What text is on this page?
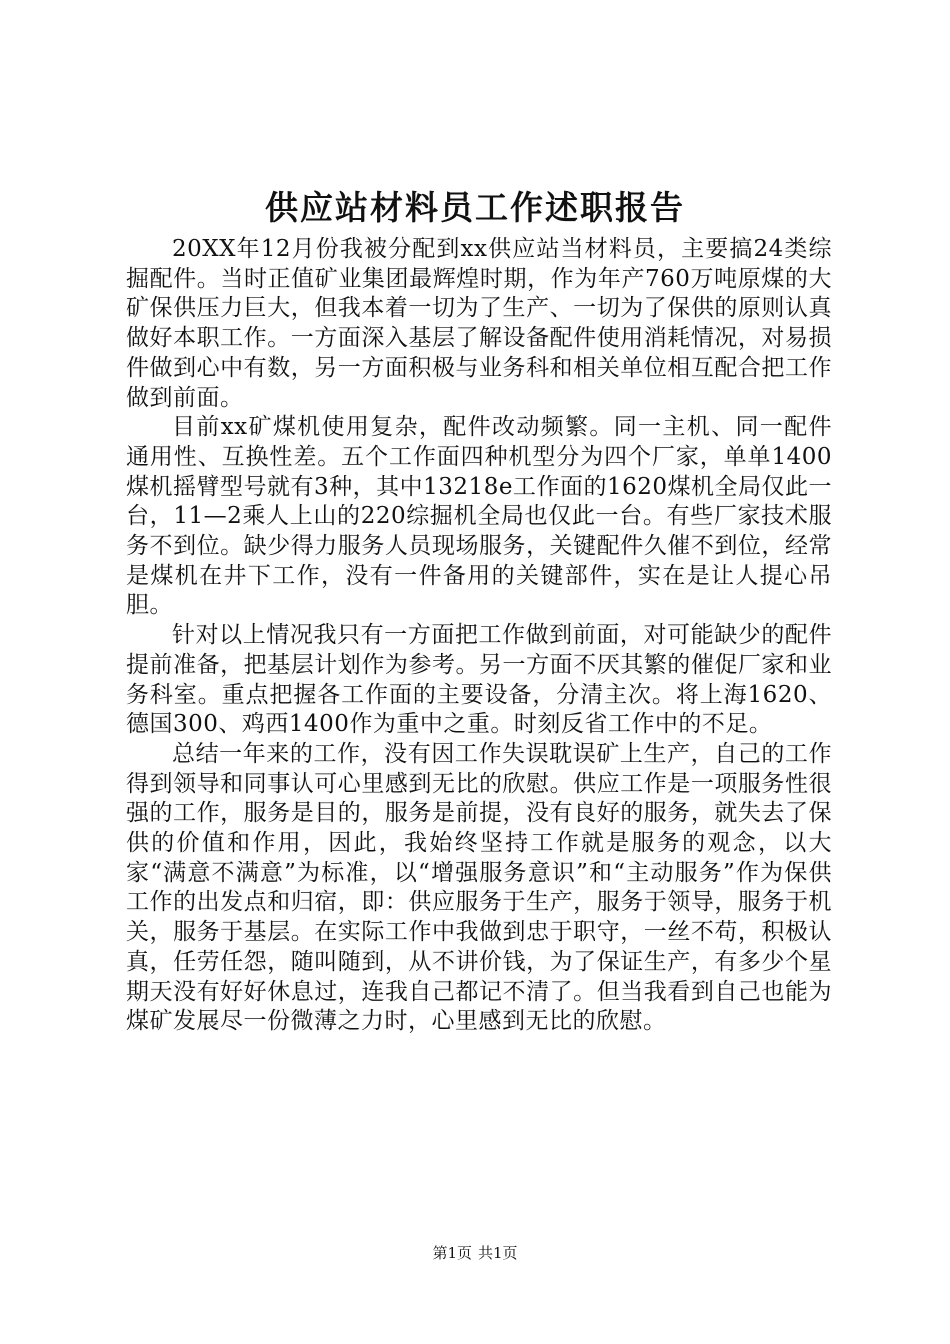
供应站材料员工作述职报告

20XX年12月份我被分配到xx供应站当材料员，主要搞24类综掘配件。当时正值矿业集团最辉煌时期，作为年产760万吨原煤的大矿保供压力巨大，但我本着一切为了生产、一切为了保供的原则认真做好本职工作。一方面深入基层了解设备配件使用消耗情况，对易损件做到心中有数，另一方面积极与业务科和相关单位相互配合把工作做到前面。

目前xx矿煤机使用复杂，配件改动频繁。同一主机、同一配件通用性、互换性差。五个工作面四种机型分为四个厂家，单单1400煤机摇臂型号就有3种，其中13218e工作面的1620煤机全局仅此一台，11—2乘人上山的220综掘机全局也仅此一台。有些厂家技术服务不到位。缺少得力服务人员现场服务，关键配件久催不到位，经常是煤机在井下工作，没有一件备用的关键部件，实在是让人提心吊胆。

针对以上情况我只有一方面把工作做到前面，对可能缺少的配件提前准备，把基层计划作为参考。另一方面不厌其繁的催促厂家和业务科室。重点把握各工作面的主要设备，分清主次。将上海1620、德国300、鸡西1400作为重中之重。时刻反省工作中的不足。

总结一年来的工作，没有因工作失误耽误矿上生产，自己的工作得到领导和同事认可心里感到无比的欣慰。供应工作是一项服务性很强的工作，服务是目的，服务是前提，没有良好的服务，就失去了保供的价值和作用，因此，我始终坚持工作就是服务的观念，以大家“满意不满意”为标准，以“增强服务意识”和“主动服务”作为保供工作的出发点和归宿，即：供应服务于生产，服务于领导，服务于机关，服务于基层。在实际工作中我做到忠于职守，一丝不苟，积极认真，任劳任怨，随叫随到，从不讲价钱，为了保证生产，有多少个星期天没有好好休息过，连我自己都记不清了。但当我看到自己也能为煤矿发展尽一份微薄之力时，心里感到无比的欣慰。

第1页 共1页
